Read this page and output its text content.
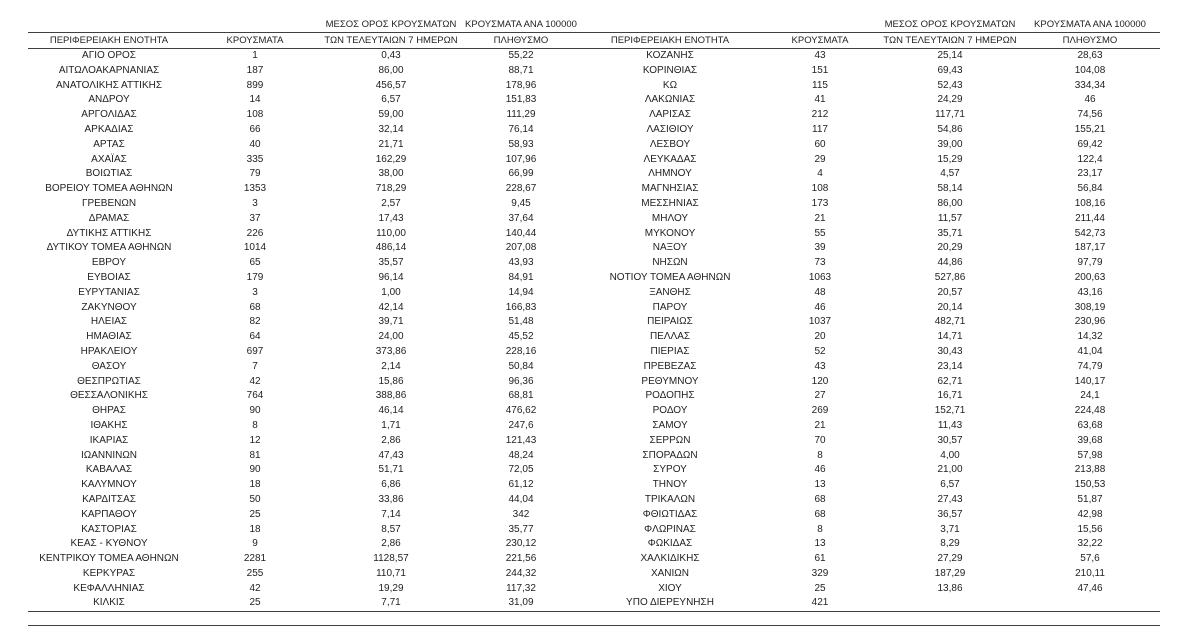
		ΜΕΣΟΣ ΟΡΟΣ ΚΡΟΥΣΜΑΤΩΝ	ΚΡΟΥΣΜΑΤΑ ΑΝΑ 100000			ΜΕΣΟΣ ΟΡΟΣ ΚΡΟΥΣΜΑΤΩΝ	ΚΡΟΥΣΜΑΤΑ ΑΝΑ 100000
ΠΕΡΙΦΕΡΕΙΑΚΗ ΕΝΟΤΗΤΑ	ΚΡΟΥΣΜΑΤΑ	ΤΩΝ ΤΕΛΕΥΤΑΙΩΝ 7 ΗΜΕΡΩΝ	ΠΛΗΘΥΣΜΟ	ΠΕΡΙΦΕΡΕΙΑΚΗ ΕΝΟΤΗΤΑ	ΚΡΟΥΣΜΑΤΑ	ΤΩΝ ΤΕΛΕΥΤΑΙΩΝ 7 ΗΜΕΡΩΝ	ΠΛΗΘΥΣΜΟ
ΑΓΙΟ ΟΡΟΣ	1	0,43	55,22	ΚΟΖΑΝΗΣ	43	25,14	28,63
ΑΙΤΩΛΟΑΚΑΡΝΑΝΙΑΣ	187	86,00	88,71	ΚΟΡΙΝΘΙΑΣ	151	69,43	104,08
ΑΝΑΤΟΛΙΚΗΣ ΑΤΤΙΚΗΣ	899	456,57	178,96	ΚΩ	115	52,43	334,34
ΑΝΔΡΟΥ	14	6,57	151,83	ΛΑΚΩΝΙΑΣ	41	24,29	46
ΑΡΓΟΛΙΔΑΣ	108	59,00	111,29	ΛΑΡΙΣΑΣ	212	117,71	74,56
ΑΡΚΑΔΙΑΣ	66	32,14	76,14	ΛΑΣΙΘΙΟΥ	117	54,86	155,21
ΑΡΤΑΣ	40	21,71	58,93	ΛΕΣΒΟΥ	60	39,00	69,42
ΑΧΑΪΑΣ	335	162,29	107,96	ΛΕΥΚΑΔΑΣ	29	15,29	122,4
ΒΟΙΩΤΙΑΣ	79	38,00	66,99	ΛΗΜΝΟΥ	4	4,57	23,17
ΒΟΡΕΙΟΥ ΤΟΜΕΑ ΑΘΗΝΩΝ	1353	718,29	228,67	ΜΑΓΝΗΣΙΑΣ	108	58,14	56,84
ΓΡΕΒΕΝΩΝ	3	2,57	9,45	ΜΕΣΣΗΝΙΑΣ	173	86,00	108,16
ΔΡΑΜΑΣ	37	17,43	37,64	ΜΗΛΟΥ	21	11,57	211,44
ΔΥΤΙΚΗΣ ΑΤΤΙΚΗΣ	226	110,00	140,44	ΜΥΚΟΝΟΥ	55	35,71	542,73
ΔΥΤΙΚΟΥ ΤΟΜΕΑ ΑΘΗΝΩΝ	1014	486,14	207,08	ΝΑΞΟΥ	39	20,29	187,17
ΕΒΡΟΥ	65	35,57	43,93	ΝΗΣΩΝ	73	44,86	97,79
ΕΥΒΟΙΑΣ	179	96,14	84,91	ΝΟΤΙΟΥ ΤΟΜΕΑ ΑΘΗΝΩΝ	1063	527,86	200,63
ΕΥΡΥΤΑΝΙΑΣ	3	1,00	14,94	ΞΑΝΘΗΣ	48	20,57	43,16
ΖΑΚΥΝΘΟΥ	68	42,14	166,83	ΠΑΡΟΥ	46	20,14	308,19
ΗΛΕΙΑΣ	82	39,71	51,48	ΠΕΙΡΑΙΩΣ	1037	482,71	230,96
ΗΜΑΘΙΑΣ	64	24,00	45,52	ΠΕΛΛΑΣ	20	14,71	14,32
ΗΡΑΚΛΕΙΟΥ	697	373,86	228,16	ΠΙΕΡΙΑΣ	52	30,43	41,04
ΘΑΣΟΥ	7	2,14	50,84	ΠΡΕΒΕΖΑΣ	43	23,14	74,79
ΘΕΣΠΡΩΤΙΑΣ	42	15,86	96,36	ΡΕΘΥΜΝΟΥ	120	62,71	140,17
ΘΕΣΣΑΛΟΝΙΚΗΣ	764	388,86	68,81	ΡΟΔΟΠΗΣ	27	16,71	24,1
ΘΗΡΑΣ	90	46,14	476,62	ΡΟΔΟΥ	269	152,71	224,48
ΙΘΑΚΗΣ	8	1,71	247,6	ΣΑΜΟΥ	21	11,43	63,68
ΙΚΑΡΙΑΣ	12	2,86	121,43	ΣΕΡΡΩΝ	70	30,57	39,68
ΙΩΑΝΝΙΝΩΝ	81	47,43	48,24	ΣΠΟΡΑΔΩΝ	8	4,00	57,98
ΚΑΒΑΛΑΣ	90	51,71	72,05	ΣΥΡΟΥ	46	21,00	213,88
ΚΑΛΥΜΝΟΥ	18	6,86	61,12	ΤΗΝΟΥ	13	6,57	150,53
ΚΑΡΔΙΤΣΑΣ	50	33,86	44,04	ΤΡΙΚΑΛΩΝ	68	27,43	51,87
ΚΑΡΠΑΘΟΥ	25	7,14	342	ΦΘΙΩΤΙΔΑΣ	68	36,57	42,98
ΚΑΣΤΟΡΙΑΣ	18	8,57	35,77	ΦΛΩΡΙΝΑΣ	8	3,71	15,56
ΚΕΑΣ - ΚΥΘΝΟΥ	9	2,86	230,12	ΦΩΚΙΔΑΣ	13	8,29	32,22
ΚΕΝΤΡΙΚΟΥ ΤΟΜΕΑ ΑΘΗΝΩΝ	2281	1128,57	221,56	ΧΑΛΚΙΔΙΚΗΣ	61	27,29	57,6
ΚΕΡΚΥΡΑΣ	255	110,71	244,32	ΧΑΝΙΩΝ	329	187,29	210,11
ΚΕΦΑΛΛΗΝΙΑΣ	42	19,29	117,32	ΧΙΟΥ	25	13,86	47,46
ΚΙΛΚΙΣ	25	7,71	31,09	ΥΠΟ ΔΙΕΡΕΥΝΗΣΗ	421		
